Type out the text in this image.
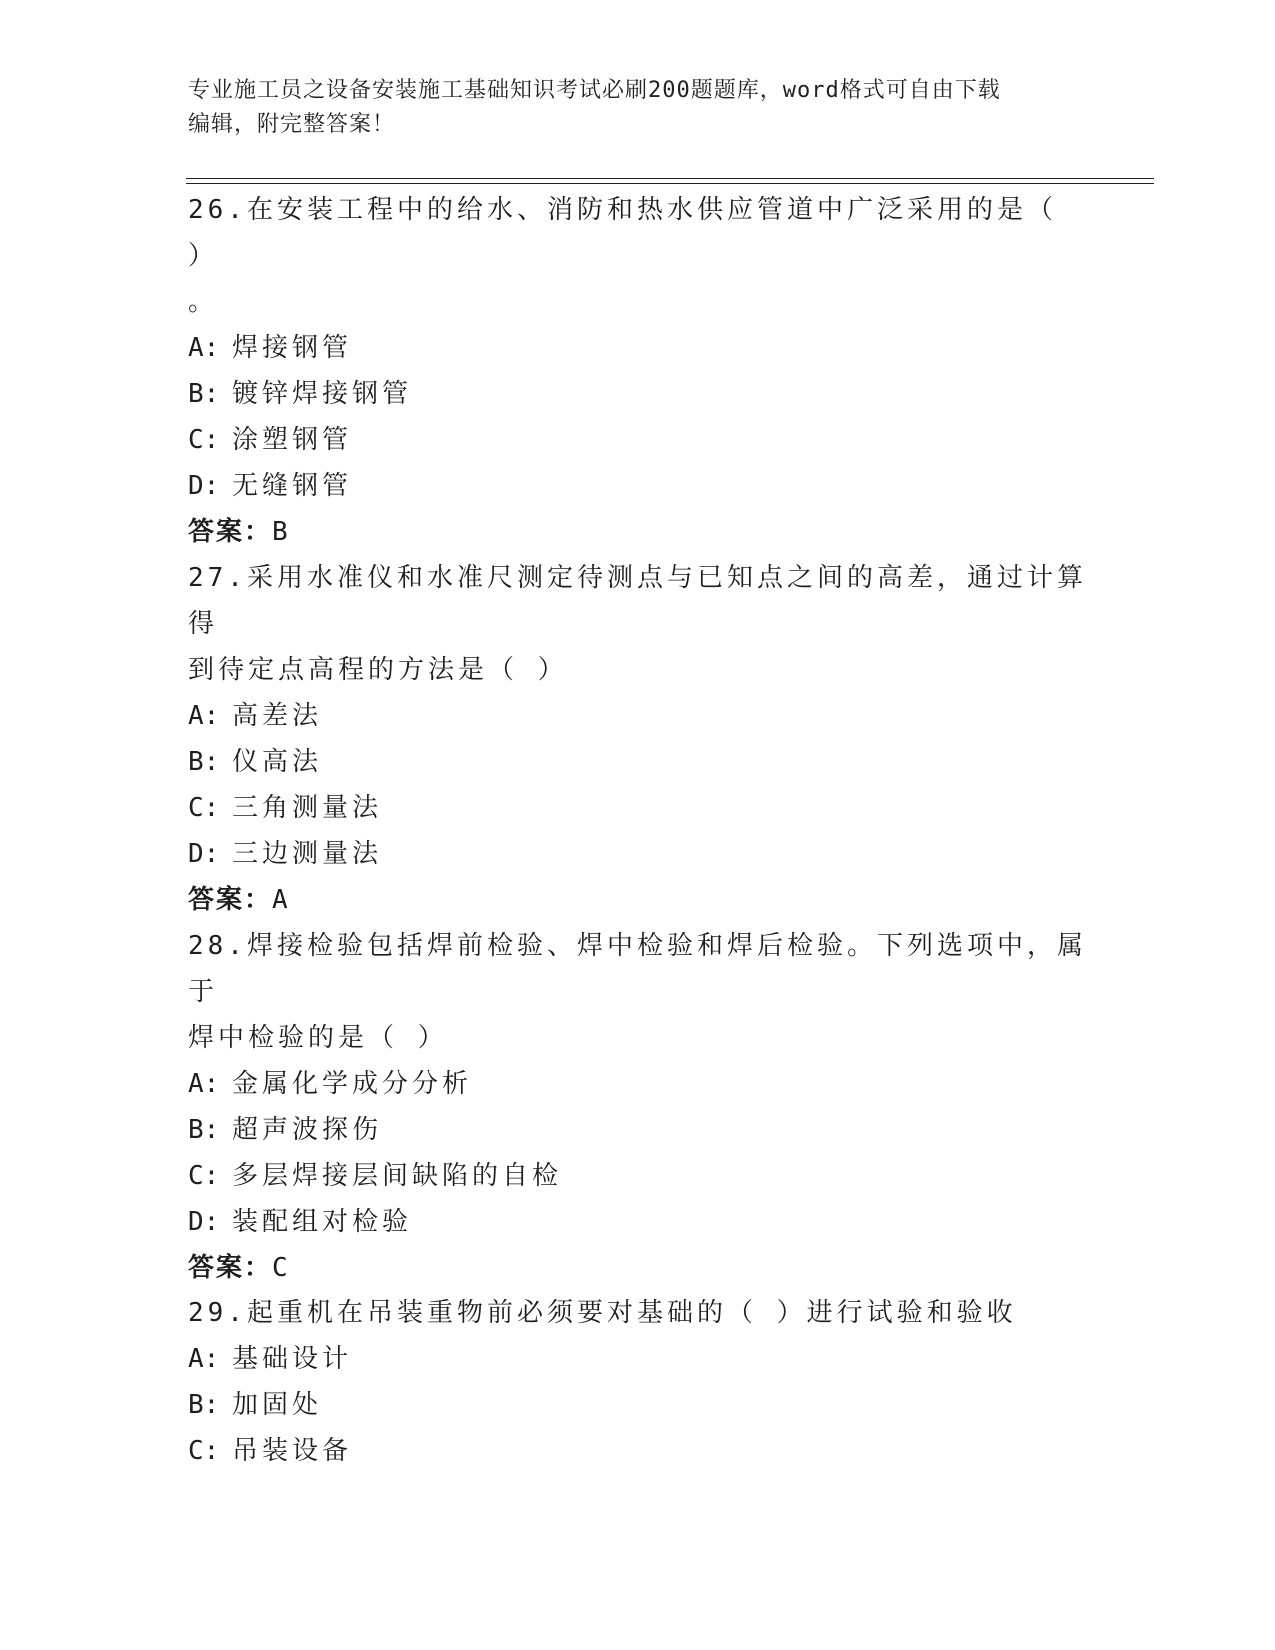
专业施工员之设备安装施工基础知识考试必刷200题题库，word格式可自由下载
编辑，附完整答案！

26.在安装工程中的给水、消防和热水供应管道中广泛采用的是（ ）

。

A: 焊接钢管

B: 镀锌焊接钢管

C: 涂塑钢管

D: 无缝钢管

答案：B

27.采用水准仪和水准尺测定待测点与已知点之间的高差，通过计算得

到待定点高程的方法是（ ）

A: 高差法

B: 仪高法

C: 三角测量法

D: 三边测量法

答案：A

28.焊接检验包括焊前检验、焊中检验和焊后检验。下列选项中，属于

焊中检验的是（ ）

A: 金属化学成分分析

B: 超声波探伤

C: 多层焊接层间缺陷的自检

D: 装配组对检验

答案：C

29.起重机在吊装重物前必须要对基础的（ ）进行试验和验收

A: 基础设计

B: 加固处

C: 吊装设备
